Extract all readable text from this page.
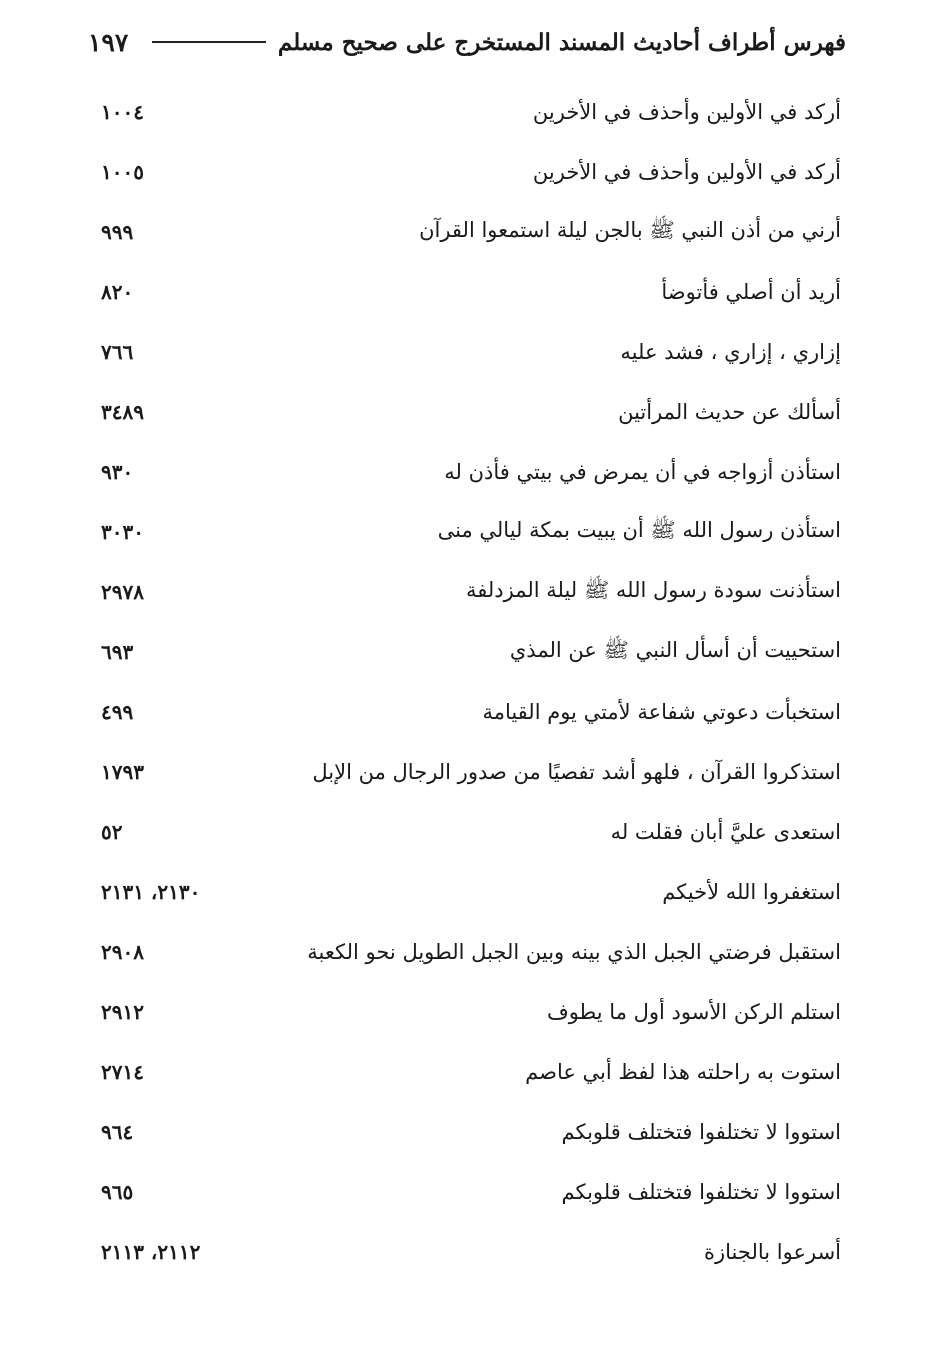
١٩٧	فهرس أطراف أحاديث المسند المستخرج على صحيح مسلم
١٠٠٤	أركد في الأولين وأحذف في الأخرين
١٠٠٥	أركد في الأولين وأحذف في الأخرين
٩٩٩	أرني من أذن النبي ﷺ بالجن ليلة استمعوا القرآن
٨٢٠	أريد أن أصلي فأتوضأ
٧٦٦	إزاري ، إزاري ، فشد عليه
٣٤٨٩	أسألك عن حديث المرأتين
٩٣٠	استأذن أزواجه في أن يمرض في بيتي فأذن له
٣٠٣٠	استأذن رسول الله ﷺ أن يبيت بمكة ليالي منى
٢٩٧٨	استأذنت سودة رسول الله ﷺ ليلة المزدلفة
٦٩٣	استحييت أن أسأل النبي ﷺ عن المذي
٤٩٩	استخبأت دعوتي شفاعة لأمتي يوم القيامة
١٧٩٣	استذكروا القرآن ، فلهو أشد تفصيًا من صدور الرجال من الإبل
٥٢	استعدى عليَّ أبان فقلت له
٢١٣٠، ٢١٣١	استغفروا الله لأخيكم
٢٩٠٨	استقبل فرضتي الجبل الذي بينه وبين الجبل الطويل نحو الكعبة
٢٩١٢	استلم الركن الأسود أول ما يطوف
٢٧١٤	استوت به راحلته هذا لفظ أبي عاصم
٩٦٤	استووا لا تختلفوا فتختلف قلوبكم
٩٦٥	استووا لا تختلفوا فتختلف قلوبكم
٢١١٢، ٢١١٣	أسرعوا بالجنازة
